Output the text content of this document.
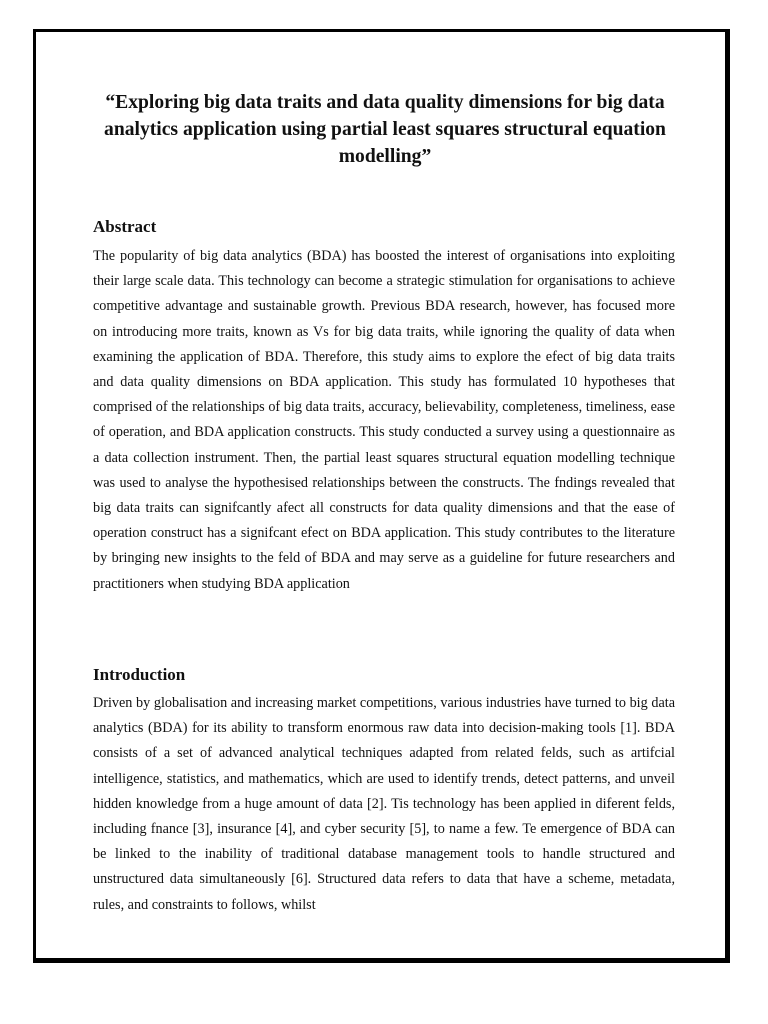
“Exploring big data traits and data quality dimensions for big data analytics application using partial least squares structural equation modelling”
Abstract

The popularity of big data analytics (BDA) has boosted the interest of organisations into exploiting their large scale data. This technology can become a strategic stimulation for organisations to achieve competitive advantage and sustainable growth. Previous BDA research, however, has focused more on introducing more traits, known as Vs for big data traits, while ignoring the quality of data when examining the application of BDA. Therefore, this study aims to explore the efect of big data traits and data quality dimensions on BDA application. This study has formulated 10 hypotheses that comprised of the relationships of big data traits, accuracy, believability, completeness, timeliness, ease of operation, and BDA application constructs. This study conducted a survey using a questionnaire as a data collection instrument. Then, the partial least squares structural equation modelling technique was used to analyse the hypothesised relationships between the constructs. The fndings revealed that big data traits can signifcantly afect all constructs for data quality dimensions and that the ease of operation construct has a signifcant efect on BDA application. This study contributes to the literature by bringing new insights to the feld of BDA and may serve as a guideline for future researchers and practitioners when studying BDA application

Introduction

Driven by globalisation and increasing market competitions, various industries have turned to big data analytics (BDA) for its ability to transform enormous raw data into decision-making tools [1]. BDA consists of a set of advanced analytical techniques adapted from related felds, such as artifcial intelligence, statistics, and mathematics, which are used to identify trends, detect patterns, and unveil hidden knowledge from a huge amount of data [2]. Tis technology has been applied in diferent felds, including fnance [3], insurance [4], and cyber security [5], to name a few. Te emergence of BDA can be linked to the inability of traditional database management tools to handle structured and unstructured data simultaneously [6]. Structured data refers to data that have a scheme, metadata, rules, and constraints to follows, whilst
